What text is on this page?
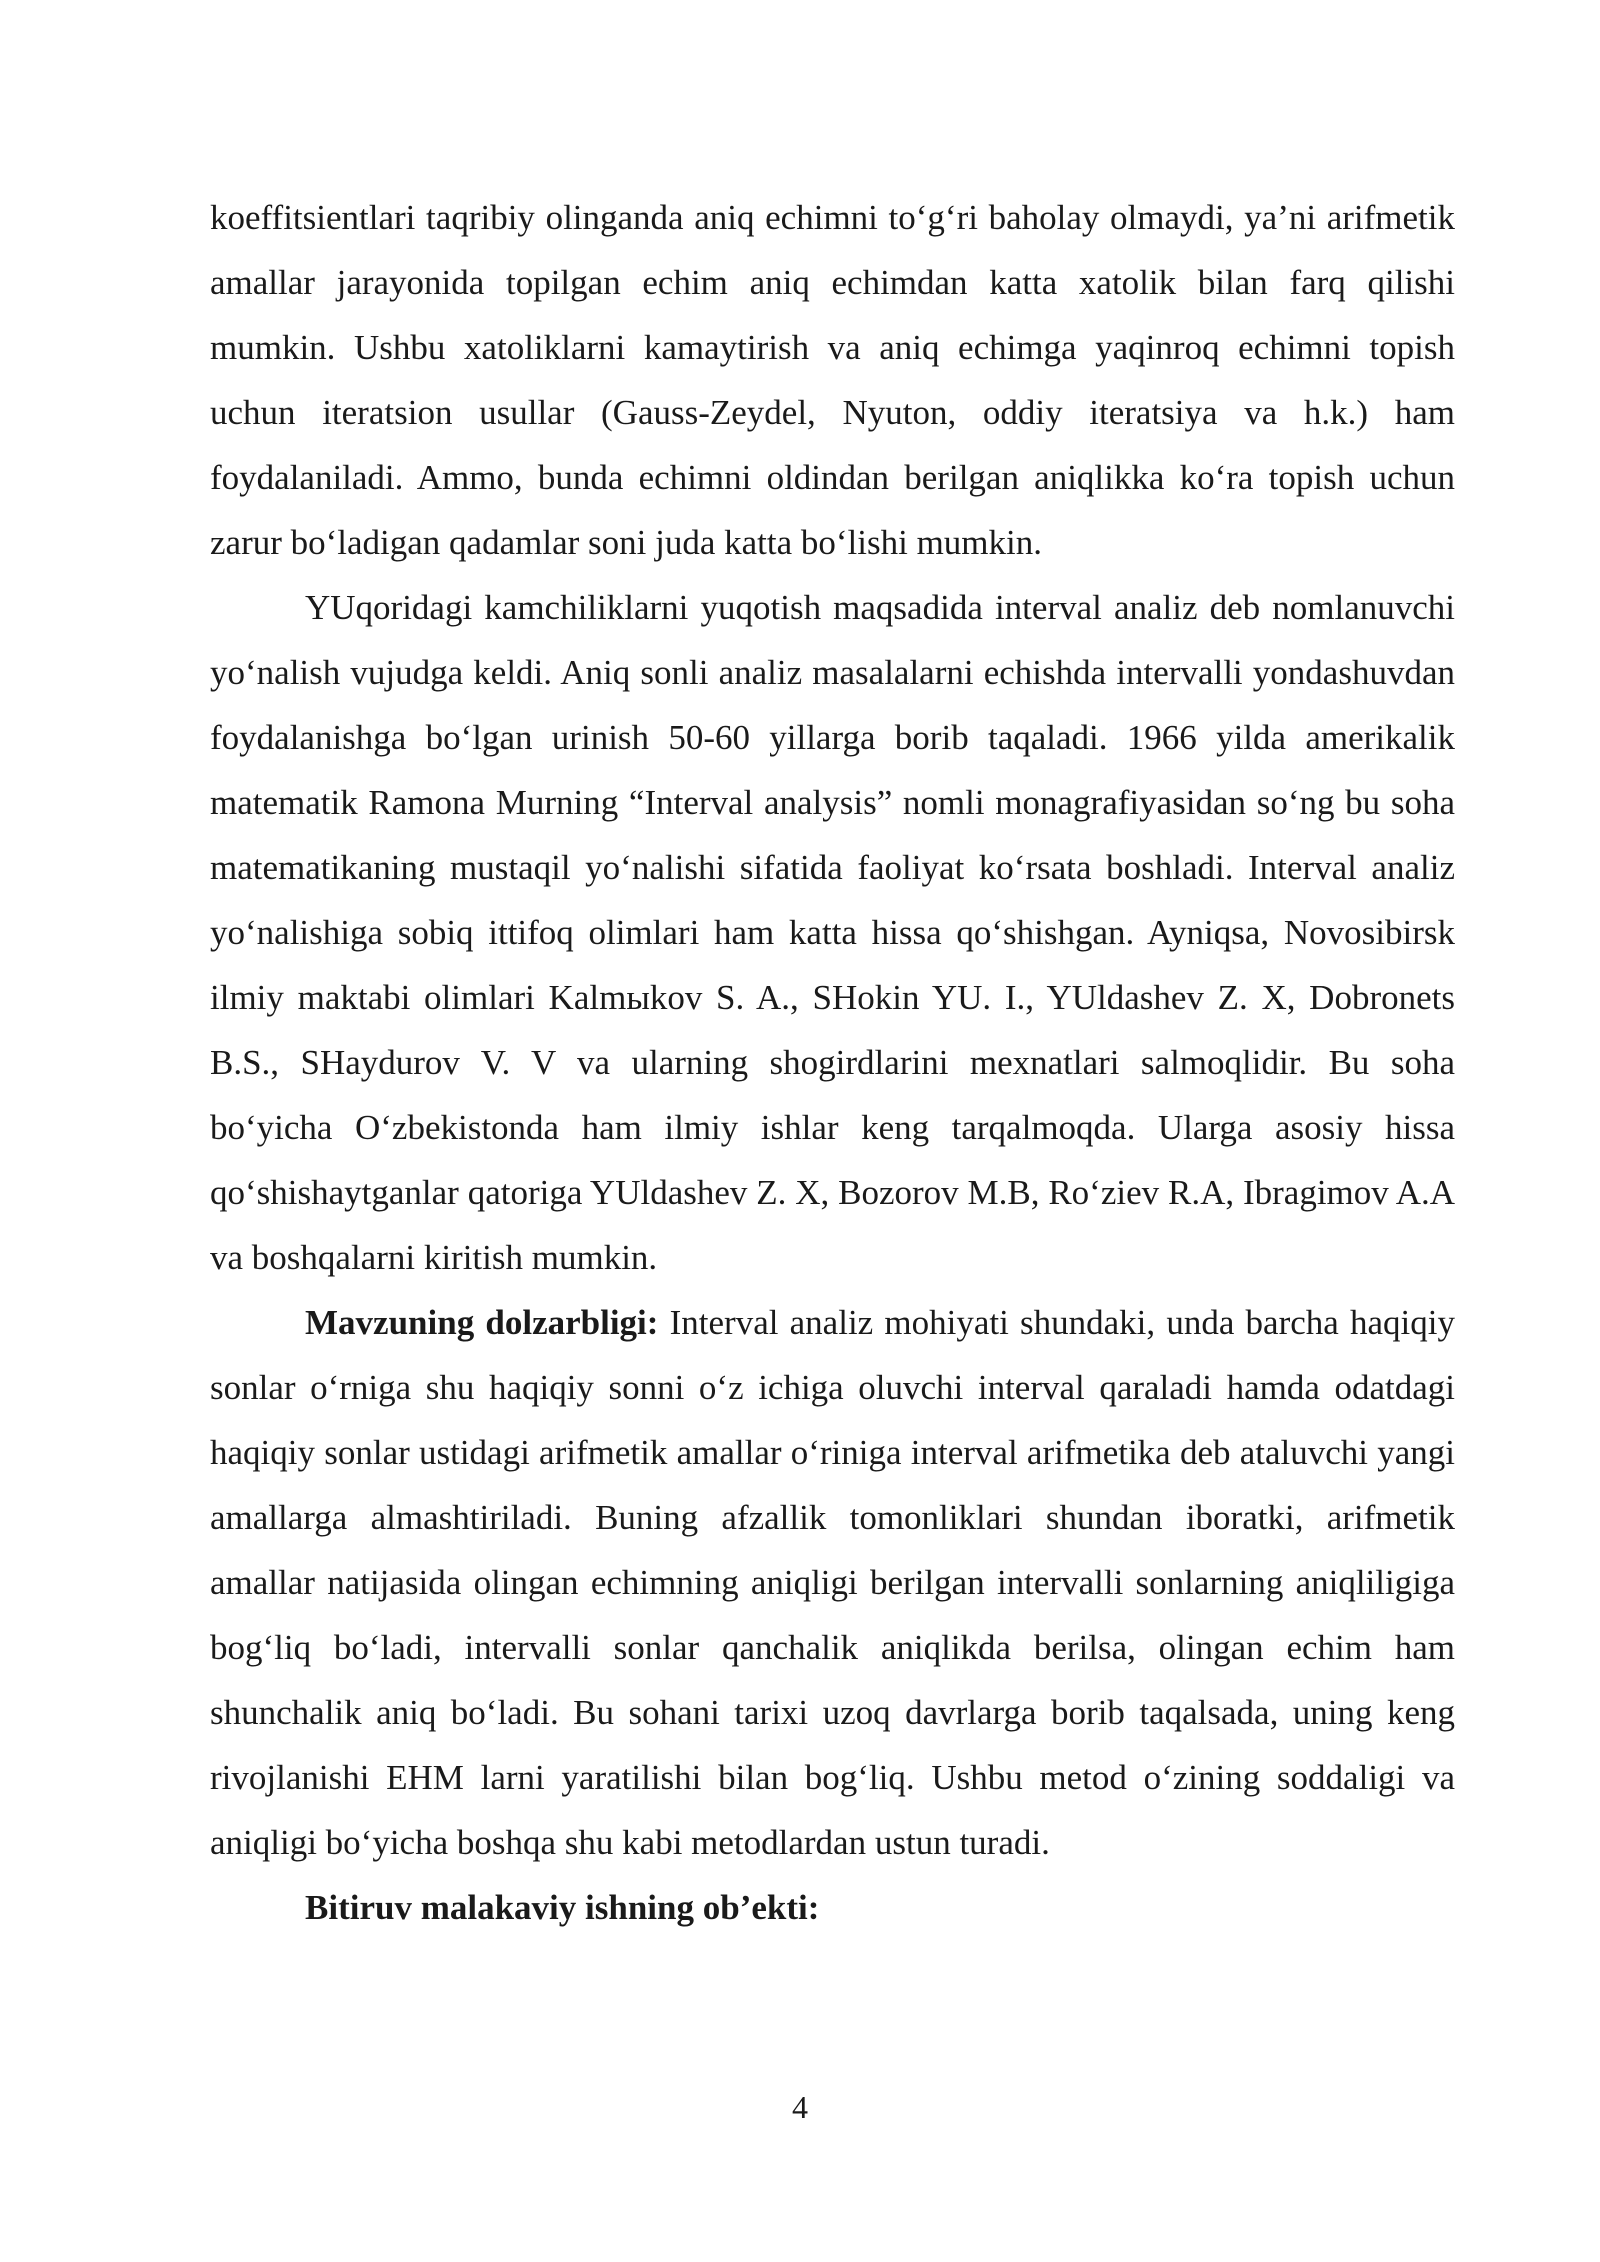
koeffitsientlari taqribiy olinganda aniq echimni to‘g‘ri baholay olmaydi, ya’ni arifmetik amallar jarayonida topilgan echim aniq echimdan katta xatolik bilan farq qilishi mumkin. Ushbu xatoliklarni kamaytirish va aniq echimga yaqinroq echimni topish uchun iteratsion usullar (Gauss-Zeydel, Nyuton, oddiy iteratsiya va h.k.) ham foydalaniladi. Ammo, bunda echimni oldindan berilgan aniqlikka ko‘ra topish uchun zarur bo‘ladigan qadamlar soni juda katta bo‘lishi mumkin.

YUqoridagi kamchiliklarni yuqotish maqsadida interval analiz deb nomlanuvchi yo‘nalish vujudga keldi. Aniq sonli analiz masalalarni echishda intervalli yondashuvdan foydalanishga bo‘lgan urinish 50-60 yillarga borib taqaladi. 1966 yilda amerikalik matematik Ramona Murning “Interval analysis” nomli monagrafiyasidan so‘ng bu soha matematikaning mustaqil yo‘nalishi sifatida faoliyat ko‘rsata boshladi. Interval analiz yo‘nalishiga sobiq ittifoq olimlari ham katta hissa qo‘shishgan. Ayniqsa, Novosibirsk ilmiy maktabi olimlari Kalmыkov S. A., SHokin YU. I., YUldashev Z. X, Dobronets B.S., SHaydurov V. V va ularning shogirdlarini mexnatlari salmoqlidir. Bu soha bo‘yicha O‘zbekistonda ham ilmiy ishlar keng tarqalmoqda. Ularga asosiy hissa qo‘shishaytganlar qatoriga YUldashev Z. X, Bozorov M.B, Ro‘ziev R.A, Ibragimov A.A va boshqalarni kiritish mumkin.

Mavzuning dolzarbligi: Interval analiz mohiyati shundaki, unda barcha haqiqiy sonlar o‘rniga shu haqiqiy sonni o‘z ichiga oluvchi interval qaraladi hamda odatdagi haqiqiy sonlar ustidagi arifmetik amallar o‘riniga interval arifmetika deb ataluvchi yangi amallarga almashtiriladi. Buning afzallik tomonliklari shundan iboratki, arifmetik amallar natijasida olingan echimning aniqligi berilgan intervalli sonlarning aniqliligiga bog‘liq bo‘ladi, intervalli sonlar qanchalik aniqlikda berilsa, olingan echim ham shunchalik aniq bo‘ladi. Bu sohani tarixi uzoq davrlarga borib taqalsada, uning keng rivojlanishi EHM larni yaratilishi bilan bog‘liq. Ushbu metod o‘zining soddaligi va aniqligi bo‘yicha boshqa shu kabi metodlardan ustun turadi.

Bitiruv malakaviy ishning ob’ekti:

4
